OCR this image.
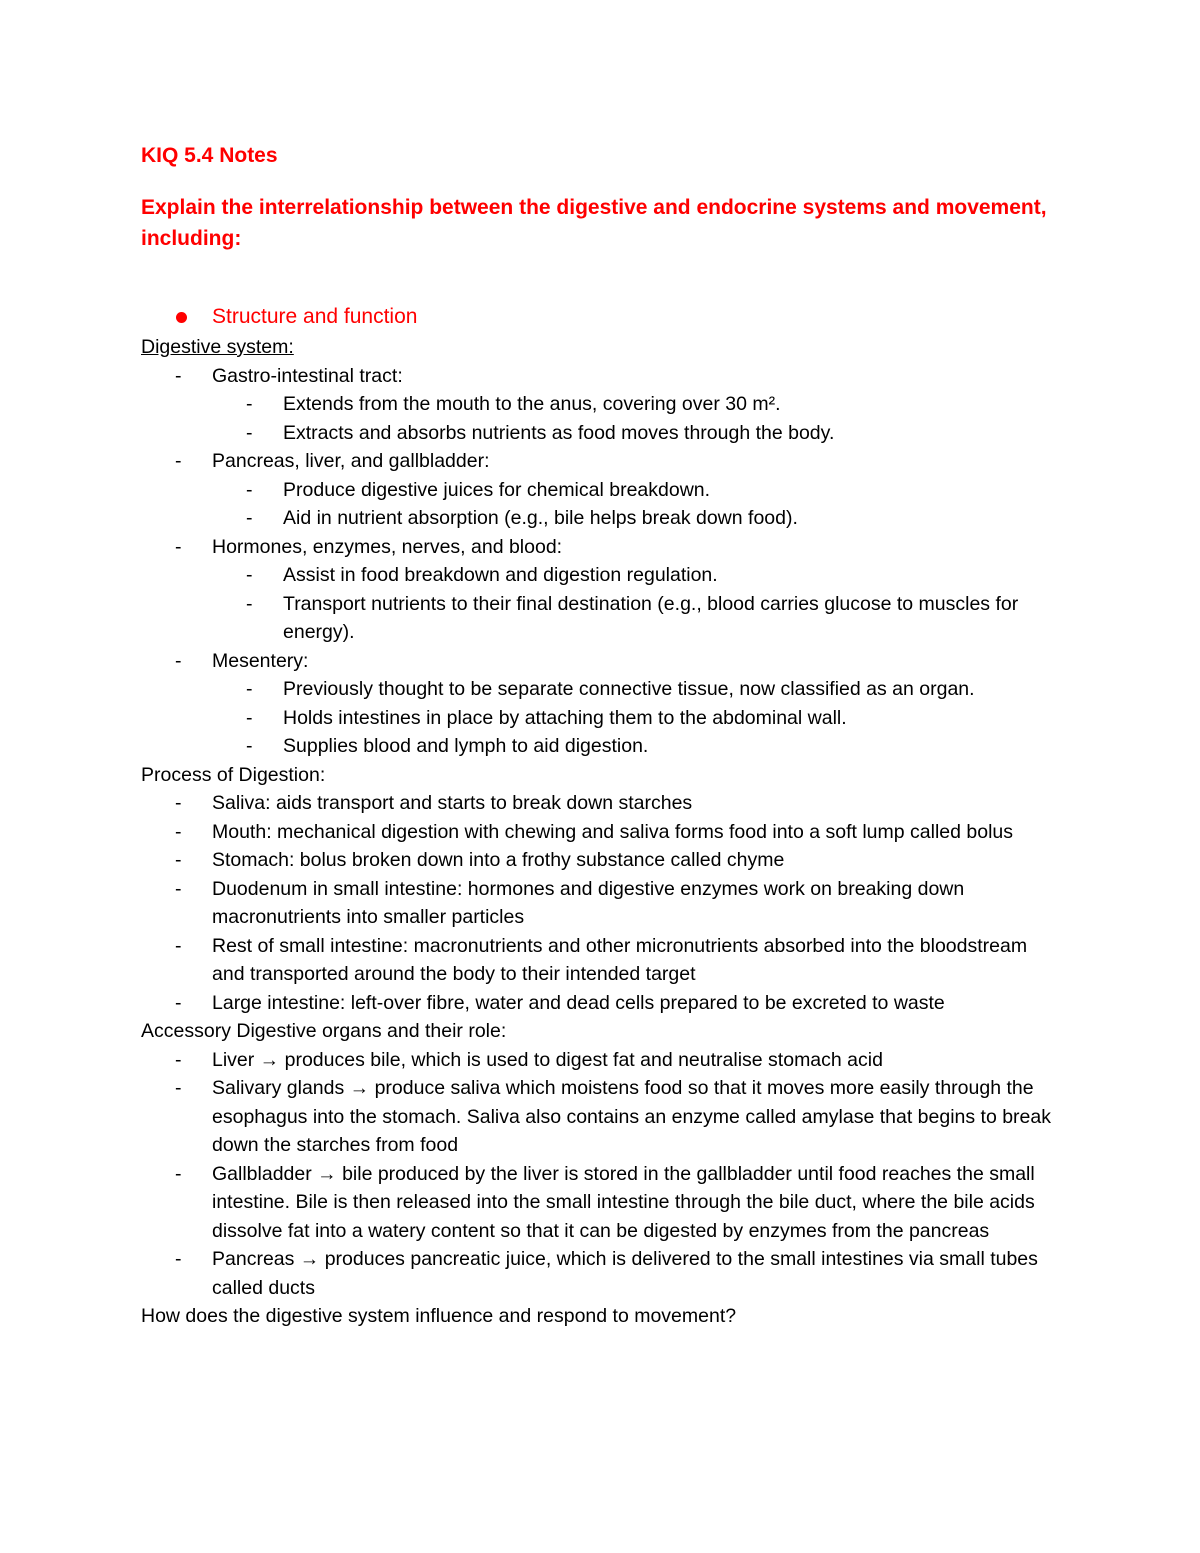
KIQ 5.4 Notes
Explain the interrelationship between the digestive and endocrine systems and movement, including:
Structure and function
Digestive system:
- Gastro-intestinal tract:
- Extends from the mouth to the anus, covering over 30 m².
- Extracts and absorbs nutrients as food moves through the body.
- Pancreas, liver, and gallbladder:
- Produce digestive juices for chemical breakdown.
- Aid in nutrient absorption (e.g., bile helps break down food).
- Hormones, enzymes, nerves, and blood:
- Assist in food breakdown and digestion regulation.
- Transport nutrients to their final destination (e.g., blood carries glucose to muscles for energy).
- Mesentery:
- Previously thought to be separate connective tissue, now classified as an organ.
- Holds intestines in place by attaching them to the abdominal wall.
- Supplies blood and lymph to aid digestion.
Process of Digestion:
- Saliva: aids transport and starts to break down starches
- Mouth: mechanical digestion with chewing and saliva forms food into a soft lump called bolus
- Stomach: bolus broken down into a frothy substance called chyme
- Duodenum in small intestine: hormones and digestive enzymes work on breaking down macronutrients into smaller particles
- Rest of small intestine: macronutrients and other micronutrients absorbed into the bloodstream and transported around the body to their intended target
- Large intestine: left-over fibre, water and dead cells prepared to be excreted to waste
Accessory Digestive organs and their role:
- Liver → produces bile, which is used to digest fat and neutralise stomach acid
- Salivary glands → produce saliva which moistens food so that it moves more easily through the esophagus into the stomach. Saliva also contains an enzyme called amylase that begins to break down the starches from food
- Gallbladder → bile produced by the liver is stored in the gallbladder until food reaches the small intestine. Bile is then released into the small intestine through the bile duct, where the bile acids dissolve fat into a watery content so that it can be digested by enzymes from the pancreas
- Pancreas → produces pancreatic juice, which is delivered to the small intestines via small tubes called ducts
How does the digestive system influence and respond to movement?
